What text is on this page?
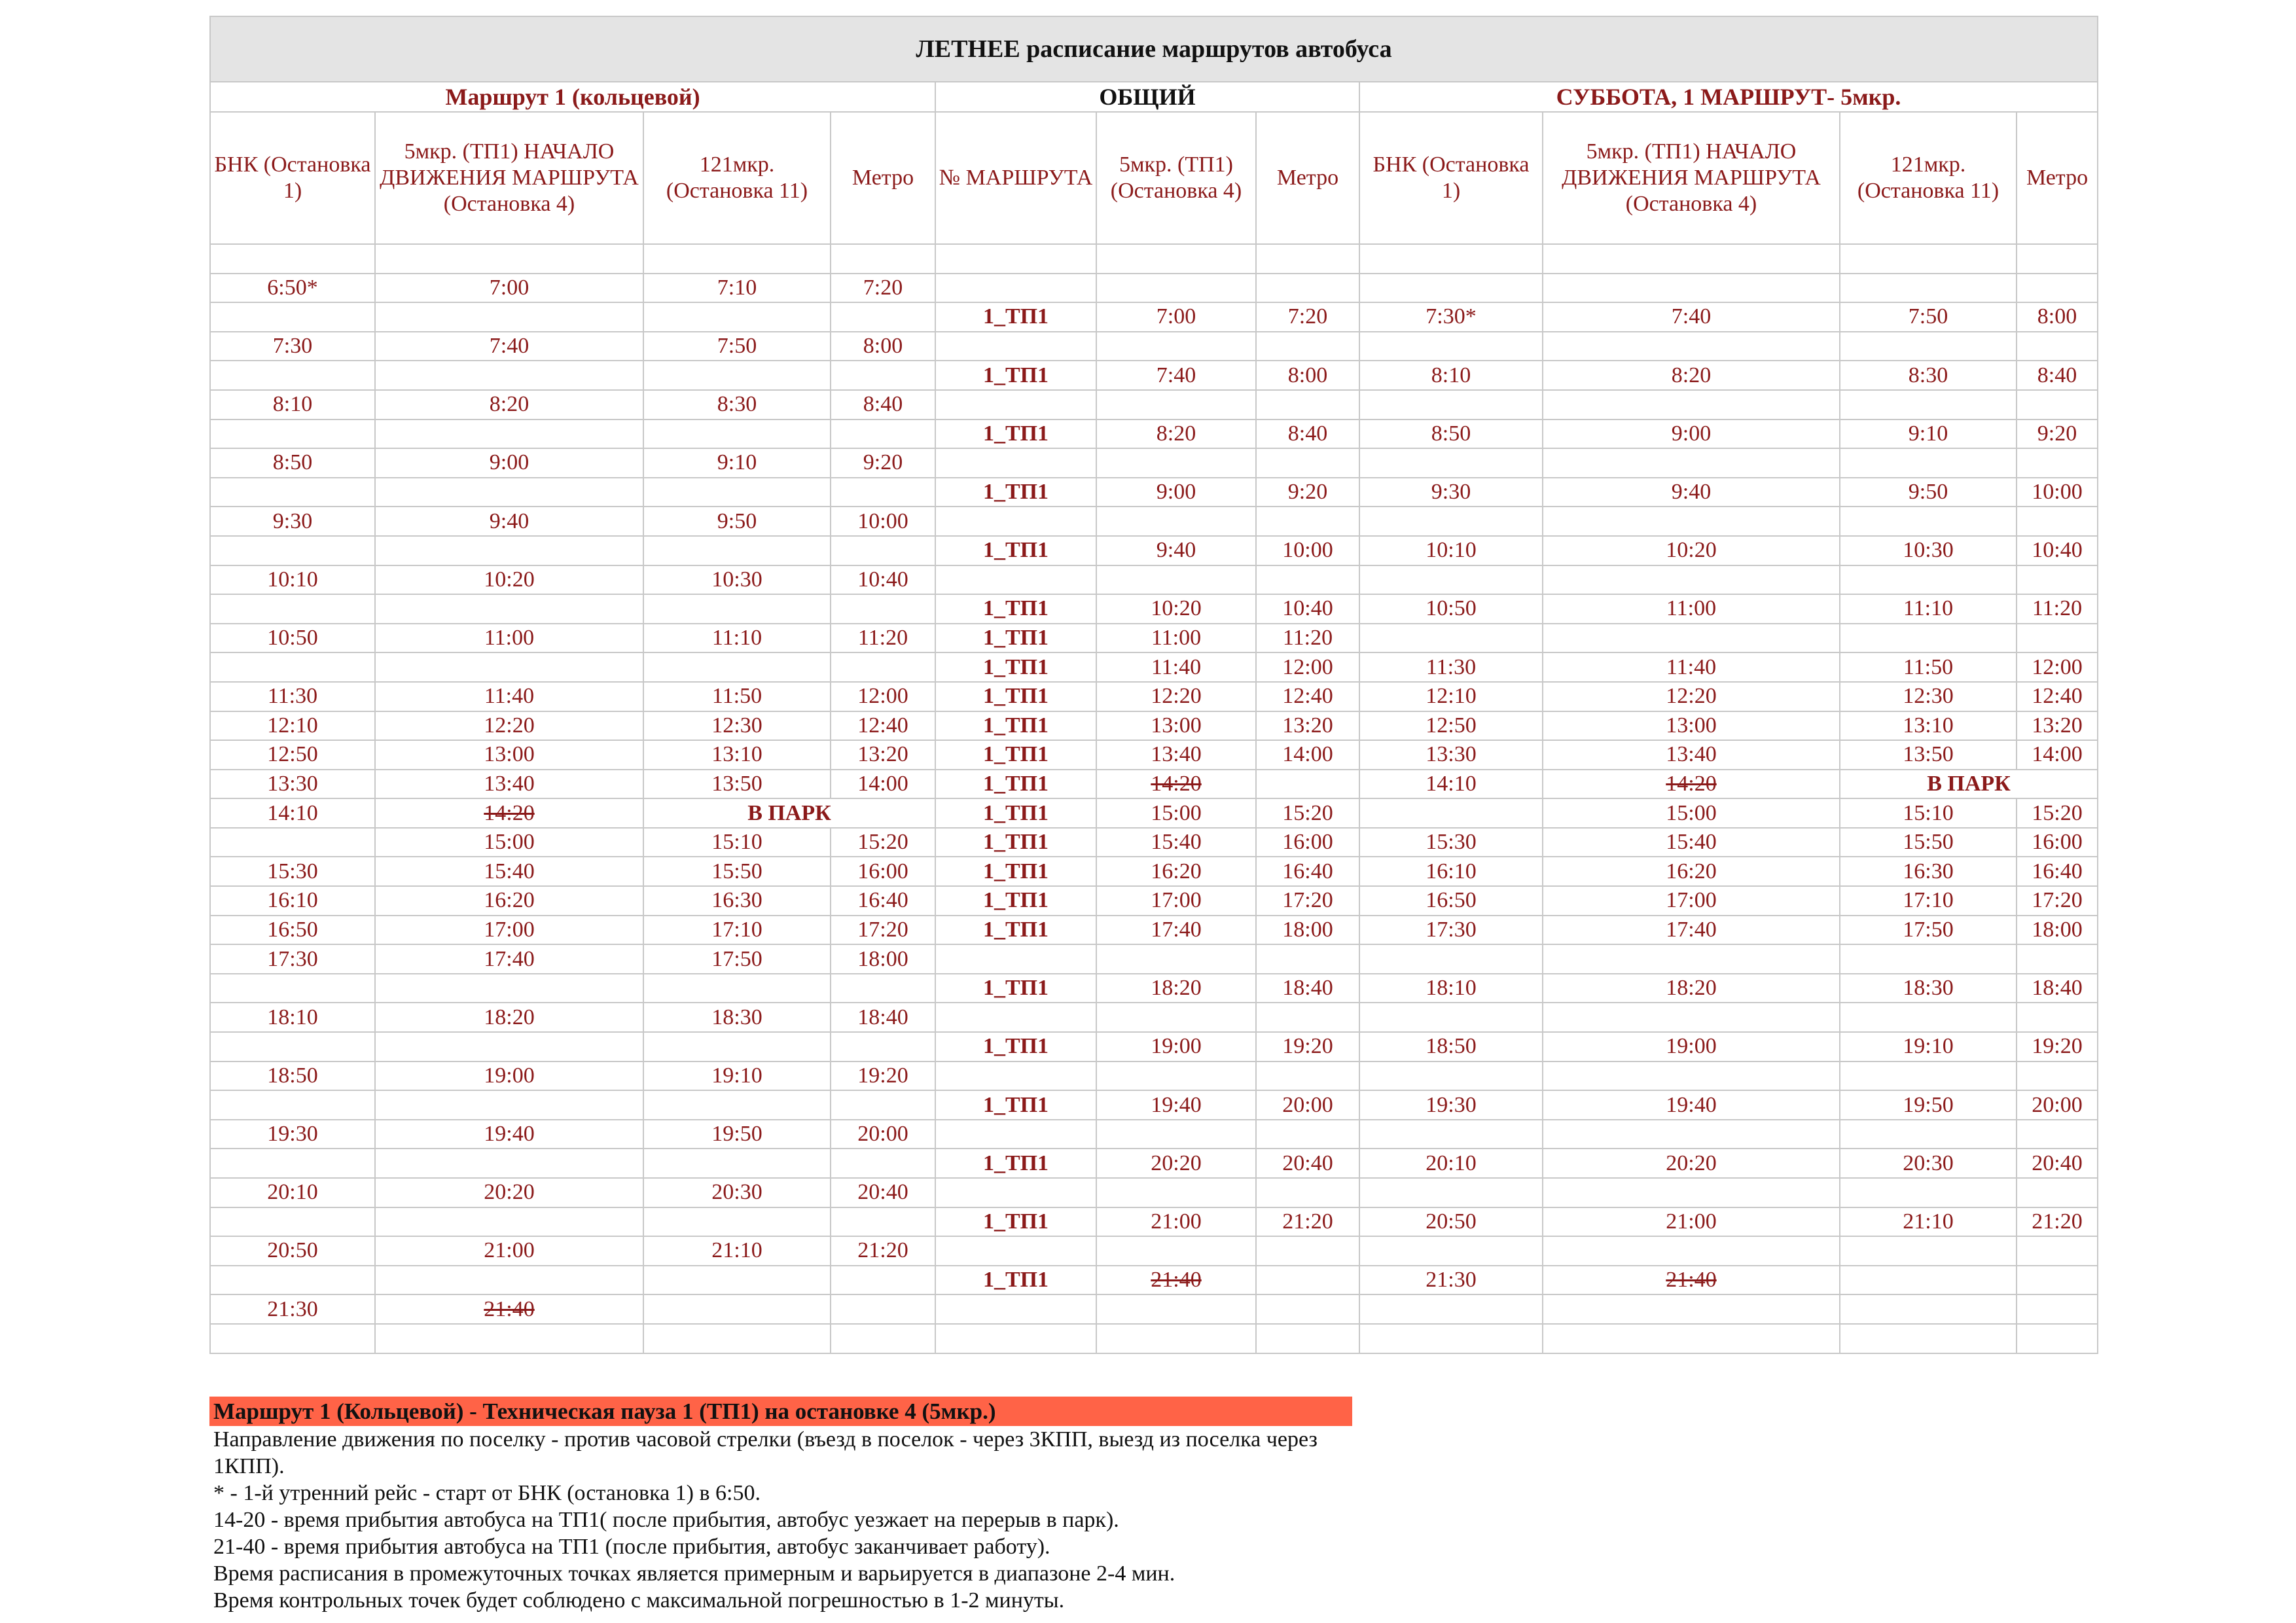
ЛЕТНЕЕ расписание маршрутов автобуса										
Маршрут 1 (кольцевой)				ОБЩИЙ			СУББОТА, 1 МАРШРУТ- 5мкр.			
БНК (Остановка 1)	5мкр. (ТП1) НАЧАЛО ДВИЖЕНИЯ МАРШРУТА (Остановка 4)	121мкр. (Остановка 11)	Метро	№ МАРШРУТА	5мкр. (ТП1) (Остановка 4)	Метро	БНК (Остановка 1)	5мкр. (ТП1) НАЧАЛО ДВИЖЕНИЯ МАРШРУТА (Остановка 4)	121мкр. (Остановка 11)	Метро

6:50*	7:00	7:10	7:20							
				1_ТП1	7:00	7:20	7:30*	7:40	7:50	8:00
7:30	7:40	7:50	8:00							
				1_ТП1	7:40	8:00	8:10	8:20	8:30	8:40
8:10	8:20	8:30	8:40							
				1_ТП1	8:20	8:40	8:50	9:00	9:10	9:20
8:50	9:00	9:10	9:20							
				1_ТП1	9:00	9:20	9:30	9:40	9:50	10:00
9:30	9:40	9:50	10:00							
				1_ТП1	9:40	10:00	10:10	10:20	10:30	10:40
10:10	10:20	10:30	10:40							
				1_ТП1	10:20	10:40	10:50	11:00	11:10	11:20
10:50	11:00	11:10	11:20	1_ТП1	11:00	11:20				
				1_ТП1	11:40	12:00	11:30	11:40	11:50	12:00
11:30	11:40	11:50	12:00	1_ТП1	12:20	12:40	12:10	12:20	12:30	12:40
12:10	12:20	12:30	12:40	1_ТП1	13:00	13:20	12:50	13:00	13:10	13:20
12:50	13:00	13:10	13:20	1_ТП1	13:40	14:00	13:30	13:40	13:50	14:00
13:30	13:40	13:50	14:00	1_ТП1	14:20		14:10	14:20	В ПАРК	
14:10	14:20	В ПАРК		1_ТП1	15:00	15:20		15:00	15:10	15:20
	15:00	15:10	15:20	1_ТП1	15:40	16:00	15:30	15:40	15:50	16:00
15:30	15:40	15:50	16:00	1_ТП1	16:20	16:40	16:10	16:20	16:30	16:40
16:10	16:20	16:30	16:40	1_ТП1	17:00	17:20	16:50	17:00	17:10	17:20
16:50	17:00	17:10	17:20	1_ТП1	17:40	18:00	17:30	17:40	17:50	18:00
17:30	17:40	17:50	18:00							
				1_ТП1	18:20	18:40	18:10	18:20	18:30	18:40
18:10	18:20	18:30	18:40							
				1_ТП1	19:00	19:20	18:50	19:00	19:10	19:20
18:50	19:00	19:10	19:20							
				1_ТП1	19:40	20:00	19:30	19:40	19:50	20:00
19:30	19:40	19:50	20:00							
				1_ТП1	20:20	20:40	20:10	20:20	20:30	20:40
20:10	20:20	20:30	20:40							
				1_ТП1	21:00	21:20	20:50	21:00	21:10	21:20
20:50	21:00	21:10	21:20							
				1_ТП1	21:40		21:30	21:40		
21:30	21:40									

Маршрут 1 (Кольцевой) - Техническая пауза 1 (ТП1) на остановке 4 (5мкр.)
Направление движения по поселку - против часовой стрелки (въезд в поселок - через 3КПП, выезд из поселка через 1КПП).
* - 1-й утренний рейс - старт от БНК (остановка 1) в 6:50.
14-20 - время прибытия автобуса на ТП1( после прибытия, автобус уезжает на перерыв в парк).
21-40 - время прибытия автобуса на ТП1 (после прибытия, автобус заканчивает работу).
Время расписания в промежуточных точках является примерным и варьируется в диапазоне 2-4 мин.
Время контрольных точек будет соблюдено с максимальной погрешностью в 1-2 минуты.
